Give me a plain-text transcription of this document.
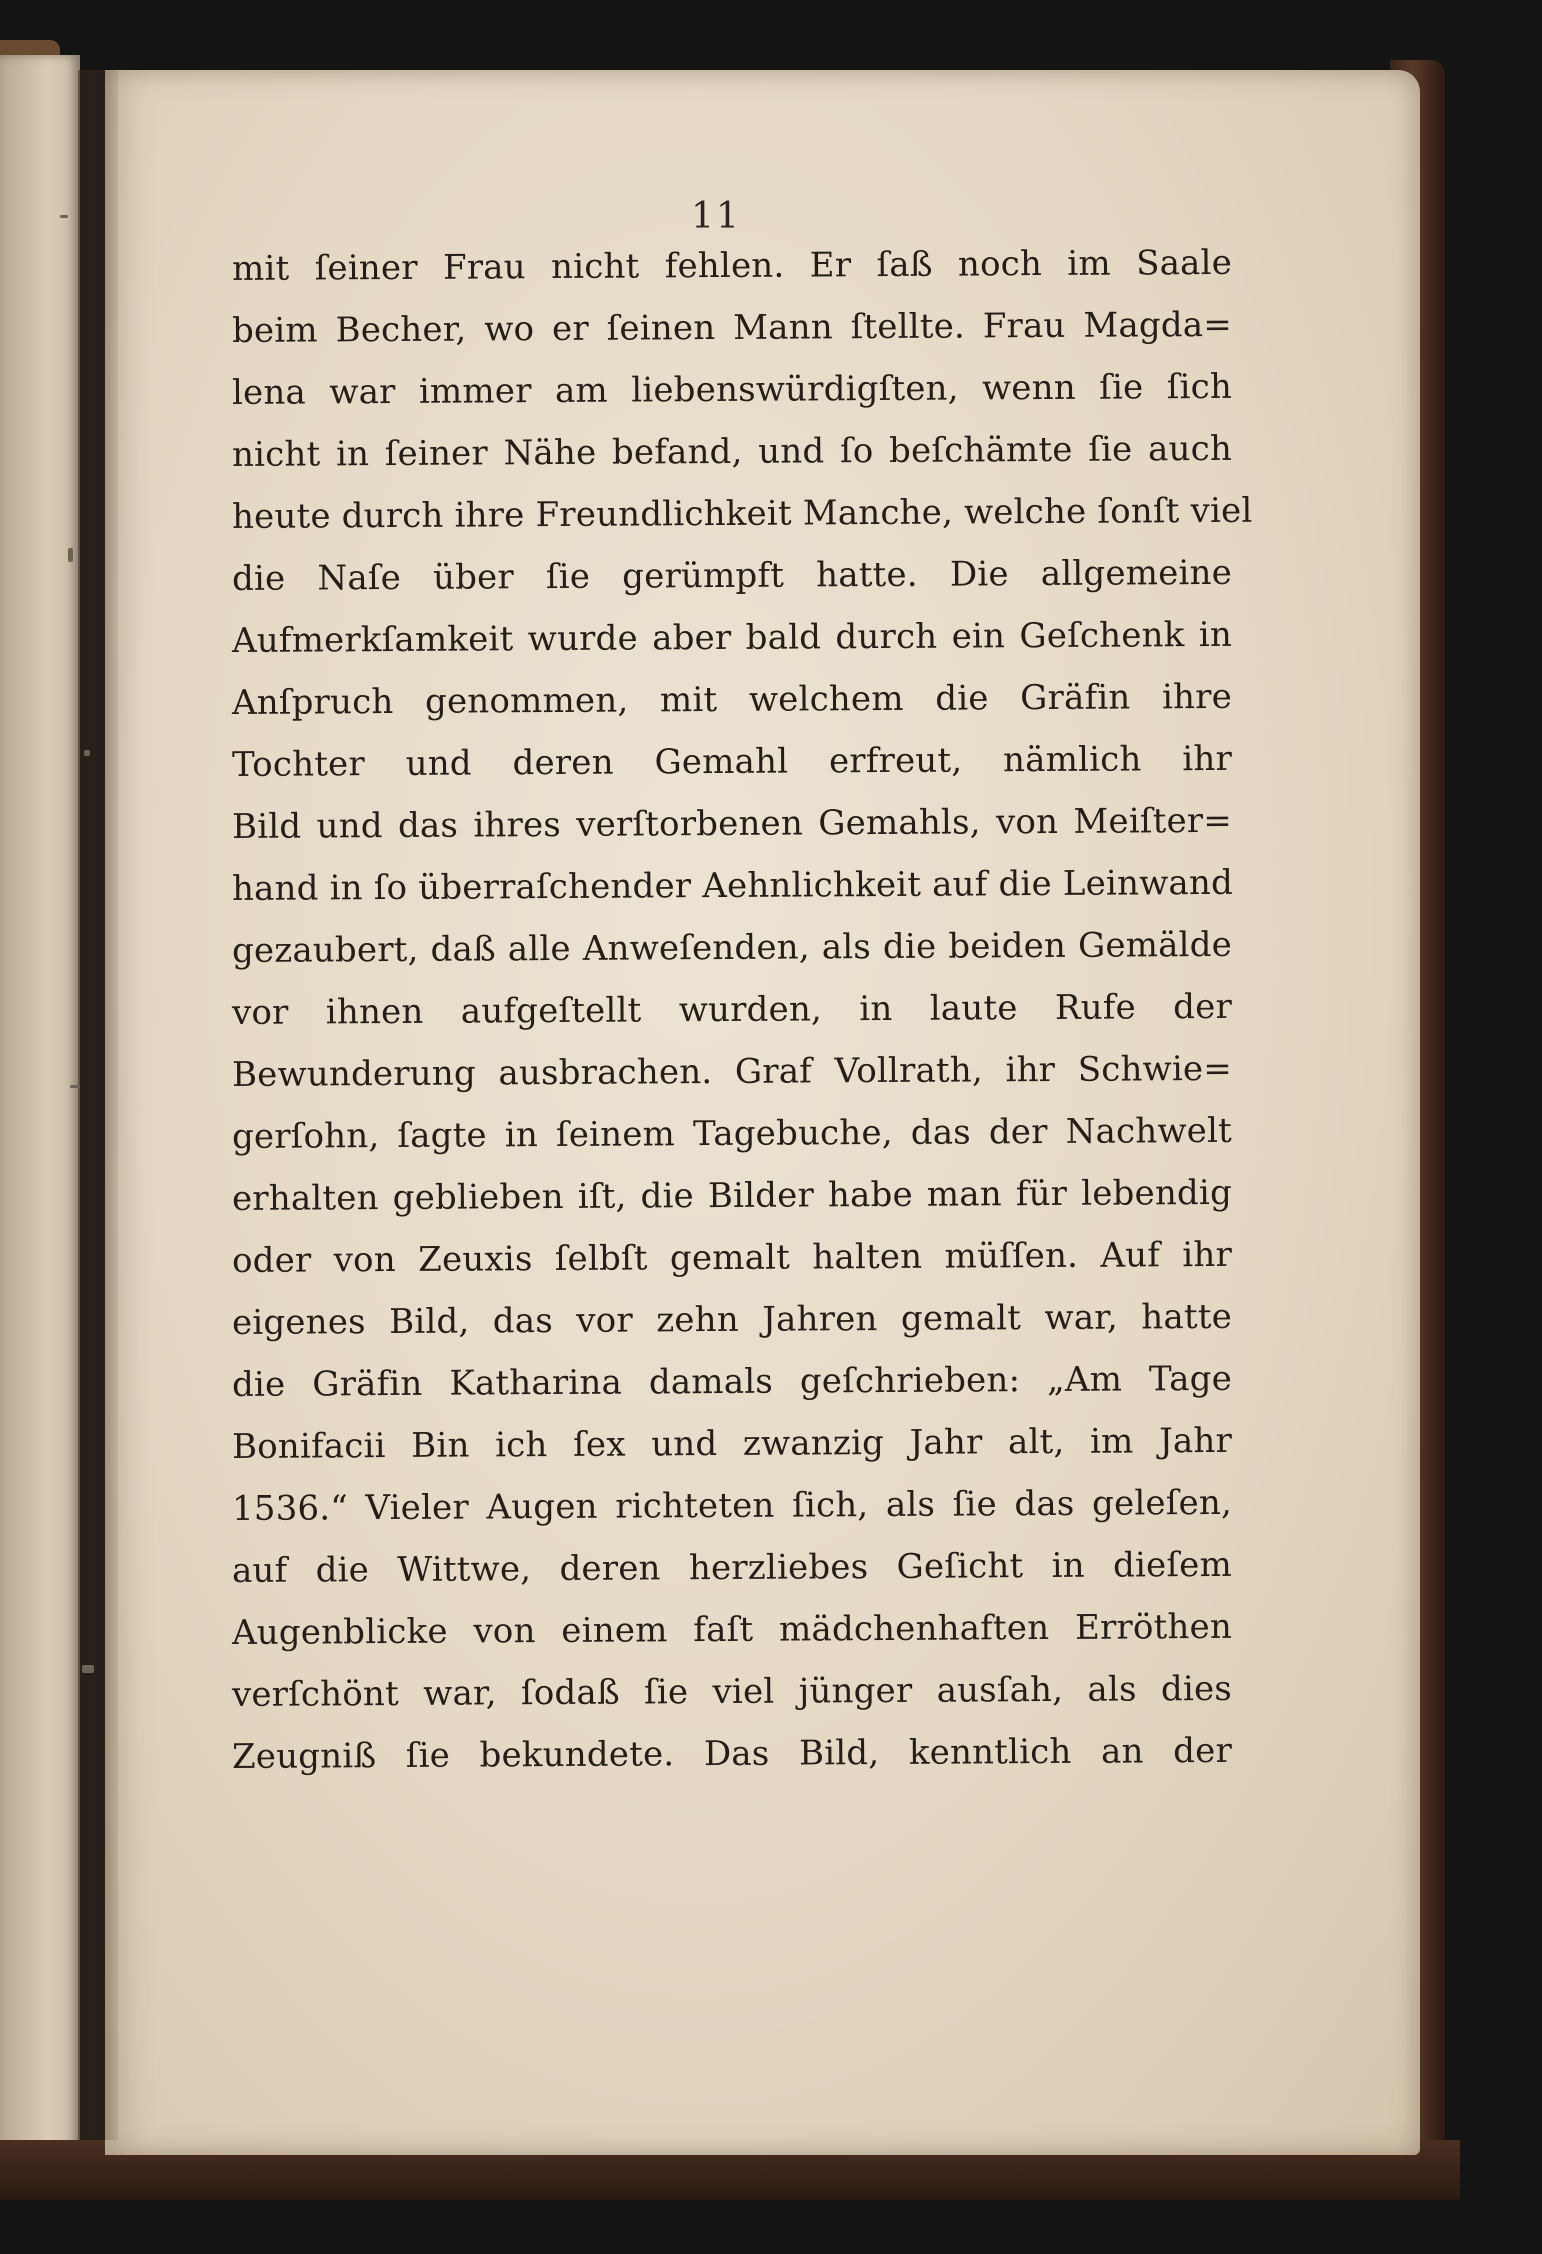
11
mit ſeiner Frau nicht fehlen. Er ſaß noch im Saale
beim Becher, wo er ſeinen Mann ſtellte. Frau Magda=
lena war immer am liebenswürdigſten, wenn ſie ſich
nicht in ſeiner Nähe befand, und ſo beſchämte ſie auch
heute durch ihre Freundlichkeit Manche, welche ſonſt viel
die Naſe über ſie gerümpft hatte. Die allgemeine
Aufmerkſamkeit wurde aber bald durch ein Geſchenk in
Anſpruch genommen, mit welchem die Gräfin ihre
Tochter und deren Gemahl erfreut, nämlich ihr
Bild und das ihres verſtorbenen Gemahls, von Meiſter=
hand in ſo überraſchender Aehnlichkeit auf die Leinwand
gezaubert, daß alle Anweſenden, als die beiden Gemälde
vor ihnen aufgeſtellt wurden, in laute Rufe der
Bewunderung ausbrachen. Graf Vollrath, ihr Schwie=
gerſohn, ſagte in ſeinem Tagebuche, das der Nachwelt
erhalten geblieben iſt, die Bilder habe man für lebendig
oder von Zeuxis ſelbſt gemalt halten müſſen. Auf ihr
eigenes Bild, das vor zehn Jahren gemalt war, hatte
die Gräfin Katharina damals geſchrieben: „Am Tage
Bonifacii Bin ich ſex und zwanzig Jahr alt, im Jahr
1536.“ Vieler Augen richteten ſich, als ſie das geleſen,
auf die Wittwe, deren herzliebes Geſicht in dieſem
Augenblicke von einem faſt mädchenhaften Erröthen
verſchönt war, ſodaß ſie viel jünger ausſah, als dies
Zeugniß ſie bekundete. Das Bild, kenntlich an der
